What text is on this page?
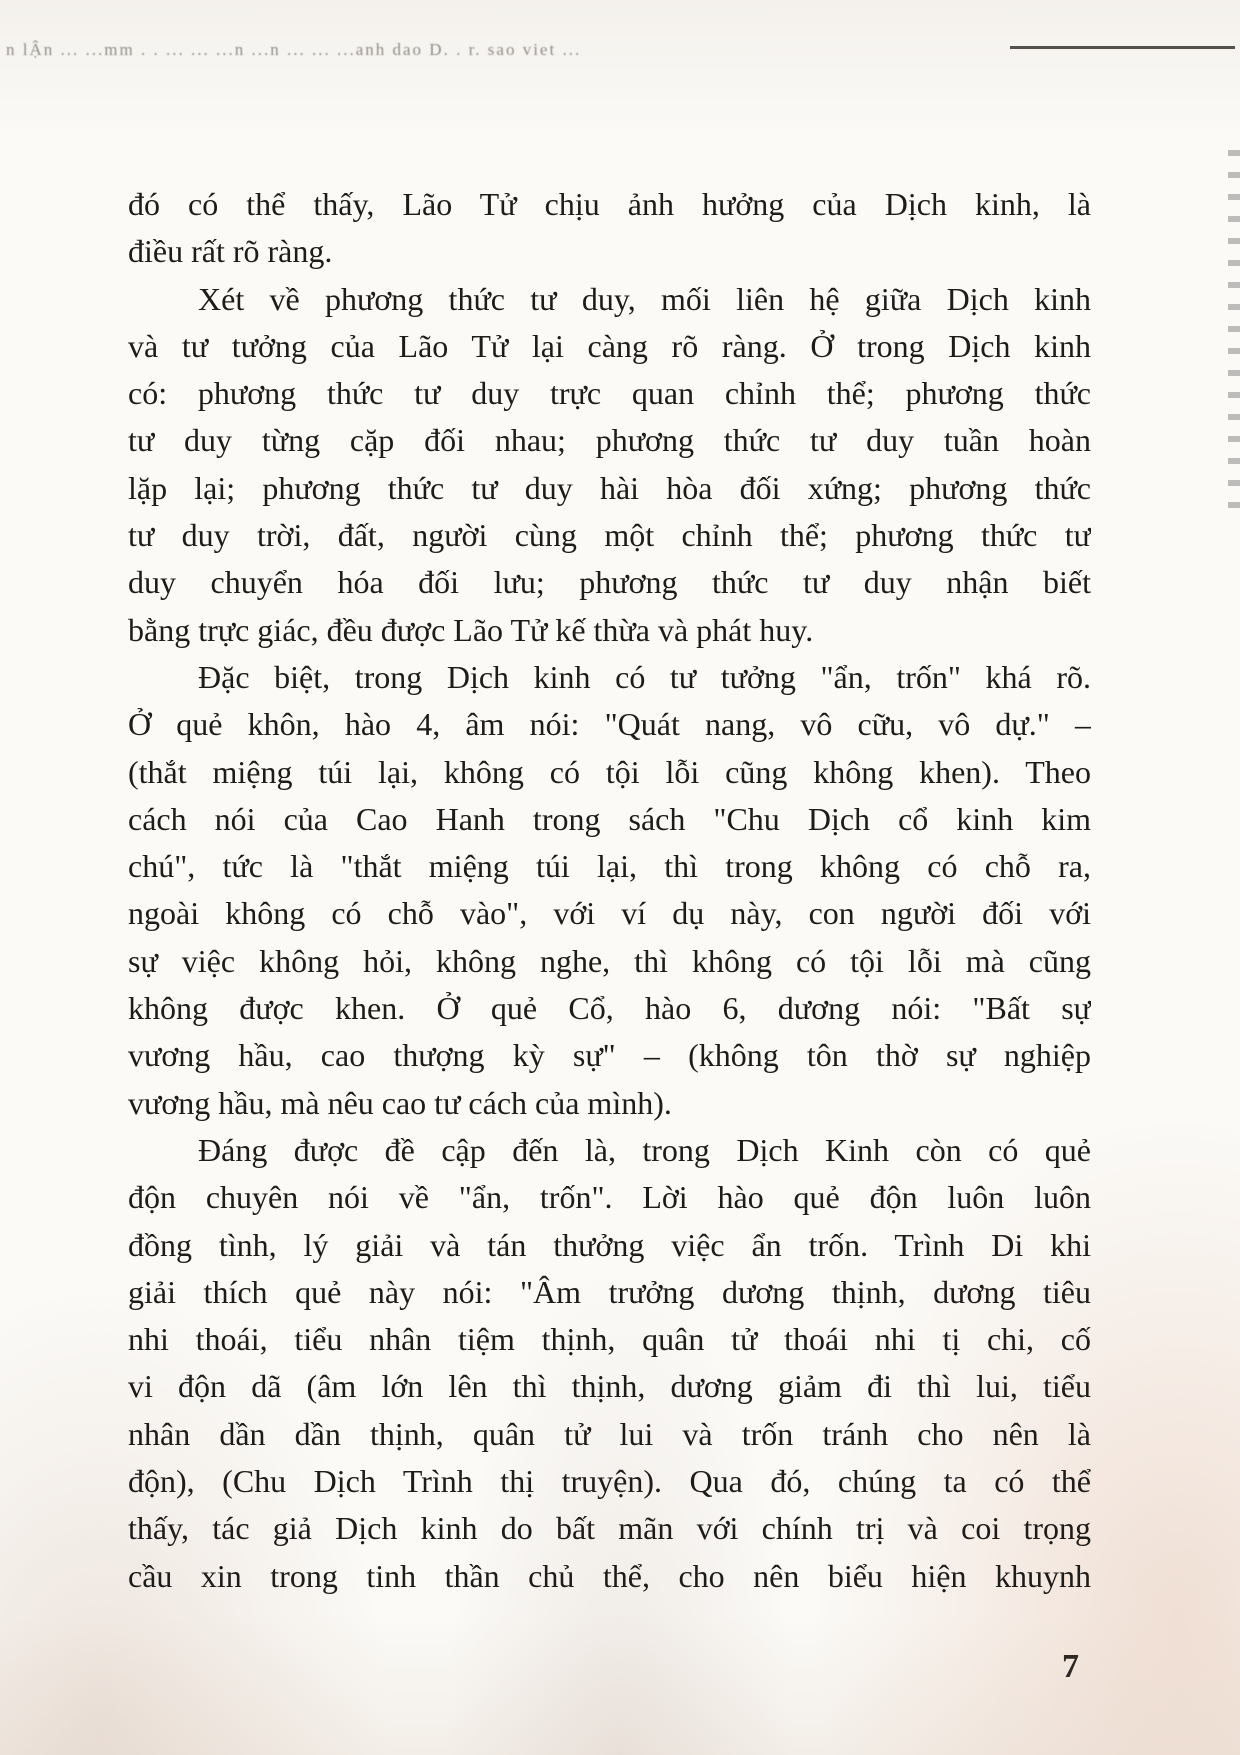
n lẬn ... ...mm . . ... ... ...n ...n ... ... ...anh dao D. . r. sao viet ...
đó có thể thấy, Lão Tử chịu ảnh hưởng của Dịch kinh, là
điều rất rõ ràng.
Xét về phương thức tư duy, mối liên hệ giữa Dịch kinh
và tư tưởng của Lão Tử lại càng rõ ràng. Ở trong Dịch kinh
có: phương thức tư duy trực quan chỉnh thể; phương thức
tư duy từng cặp đối nhau; phương thức tư duy tuần hoàn
lặp lại; phương thức tư duy hài hòa đối xứng; phương thức
tư duy trời, đất, người cùng một chỉnh thể; phương thức tư
duy chuyển hóa đối lưu; phương thức tư duy nhận biết
bằng trực giác, đều được Lão Tử kế thừa và phát huy.
Đặc biệt, trong Dịch kinh có tư tưởng "ẩn, trốn" khá rõ.
Ở quẻ khôn, hào 4, âm nói: "Quát nang, vô cữu, vô dự." –
(thắt miệng túi lại, không có tội lỗi cũng không khen). Theo
cách nói của Cao Hanh trong sách "Chu Dịch cổ kinh kim
chú", tức là "thắt miệng túi lại, thì trong không có chỗ ra,
ngoài không có chỗ vào", với ví dụ này, con người đối với
sự việc không hỏi, không nghe, thì không có tội lỗi mà cũng
không được khen. Ở quẻ Cổ, hào 6, dương nói: "Bất sự
vương hầu, cao thượng kỳ sự" – (không tôn thờ sự nghiệp
vương hầu, mà nêu cao tư cách của mình).
Đáng được đề cập đến là, trong Dịch Kinh còn có quẻ
độn chuyên nói về "ẩn, trốn". Lời hào quẻ độn luôn luôn
đồng tình, lý giải và tán thưởng việc ẩn trốn. Trình Di khi
giải thích quẻ này nói: "Âm trưởng dương thịnh, dương tiêu
nhi thoái, tiểu nhân tiệm thịnh, quân tử thoái nhi tị chi, cố
vi độn dã (âm lớn lên thì thịnh, dương giảm đi thì lui, tiểu
nhân dần dần thịnh, quân tử lui và trốn tránh cho nên là
độn), (Chu Dịch Trình thị truyện). Qua đó, chúng ta có thể
thấy, tác giả Dịch kinh do bất mãn với chính trị và coi trọng
cầu xin trong tinh thần chủ thể, cho nên biểu hiện khuynh
7
